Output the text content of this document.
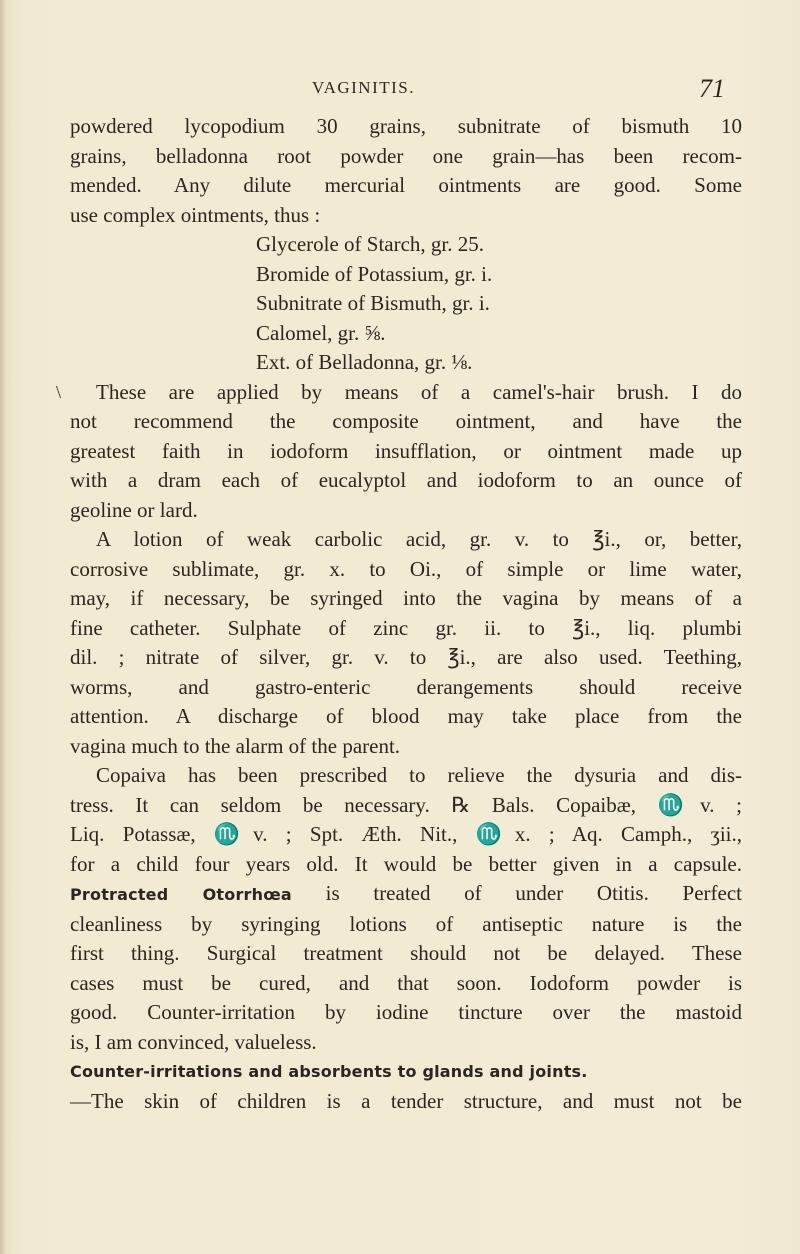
VAGINITIS.	71
powdered lycopodium 30 grains, subnitrate of bismuth 10
grains, belladonna root powder one grain—has been recom-
mended. Any dilute mercurial ointments are good. Some
use complex ointments, thus :
Glycerole of Starch, gr. 25.
Bromide of Potassium, gr. i.
Subnitrate of Bismuth, gr. i.
Calomel, gr. ⅝.
Ext. of Belladonna, gr. ⅛.
\ These are applied by means of a camel's-hair brush. I do
not recommend the composite ointment, and have the
greatest faith in iodoform insufflation, or ointment made up
with a dram each of eucalyptol and iodoform to an ounce of
geoline or lard.
A lotion of weak carbolic acid, gr. v. to ℥i., or, better,
corrosive sublimate, gr. x. to Oi., of simple or lime water,
may, if necessary, be syringed into the vagina by means of a
fine catheter. Sulphate of zinc gr. ii. to ℥i., liq. plumbi
dil. ; nitrate of silver, gr. v. to ℥i., are also used. Teething,
worms, and gastro-enteric derangements should receive
attention. A discharge of blood may take place from the
vagina much to the alarm of the parent.
Copaiva has been prescribed to relieve the dysuria and dis-
tress. It can seldom be necessary. ℞ Bals. Copaibæ, ♏v. ;
Liq. Potassæ, ♏v. ; Spt. Æth. Nit., ♏x. ; Aq. Camph., ʒii.,
for a child four years old. It would be better given in a capsule.
Protracted Otorrhœa is treated of under Otitis. Perfect
cleanliness by syringing lotions of antiseptic nature is the
first thing. Surgical treatment should not be delayed. These
cases must be cured, and that soon. Iodoform powder is
good. Counter-irritation by iodine tincture over the mastoid
is, I am convinced, valueless.
Counter-irritations and absorbents to glands and joints.
—The skin of children is a tender structure, and must not be
